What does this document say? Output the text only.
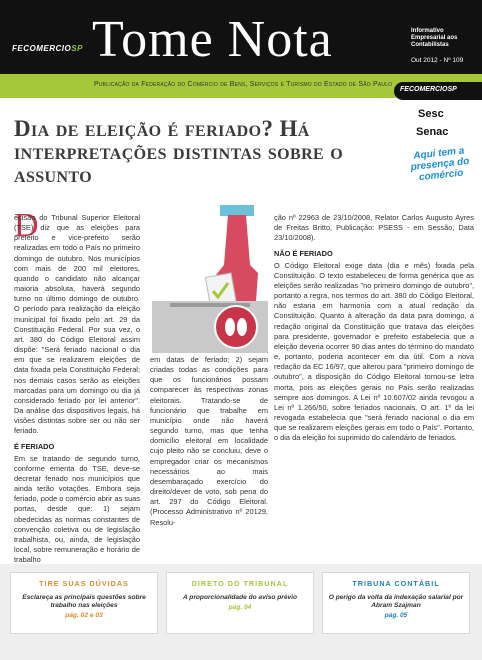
FECOMERCIOSP Tome Nota	Informativo Empresarial aos Contabilistas
Out 2012 - Nº 109
Publicação da Federação do Comércio de Bens, Serviços e Turismo do Estado de São Paulo
FECOMERCIOSP
Sesc
Senac
Aqui tem a presença do comércio
Dia de eleição é feriado? Há interpretações distintas sobre o assunto
D

ecisão do Tribunal Superior Eleitoral (TSE) diz que as eleições para prefeito e vice-prefeito serão realizadas em todo o País no primeiro domingo de outubro. Nos municípios com mais de 200 mil eleitores, quando o candidato não alcançar maioria absoluta, haverá segundo turno no último domingo de outubro. O período para realização da eleição municipal foi fixado pelo art. 29 da Constituição Federal. Por sua vez, o art. 380 do Código Eleitoral assim dispõe: "Será feriado nacional o dia em que se realizarem eleições de data fixada pela Constituição Federal; nos demais casos serão as eleições marcadas para um domingo ou dia já considerado feriado por lei anterior". Da análise dos dispositivos legais, há visões distintas sobre ser ou não ser feriado.

É FERIADO

Em se tratando de segundo turno, conforme ementa do TSE, deve-se decretar feriado nos municípios que ainda terão votações. Embora seja feriado, pode o comércio abrir as suas portas, desde que: 1) sejam obedecidas as normas constantes de convenção coletiva ou de legislação trabalhista, ou, ainda, de legislação local, sobre remuneração e horário de trabalho

em datas de feriado; 2) sejam criadas todas as condições para que os funcionários possam comparecer às respectivas zonas eleitorais. Tratando-se de funcionário que trabalhe em município onde não haverá segundo turno, mas que tenha domicílio eleitoral em localidade cujo pleito não se concluiu, deve o empregador criar os mecanismos necessários ao mais desembaraçado exercício do direito/dever de voto, sob pena do art. 297 do Código Eleitoral. (Processo Administrativo nº 20129, Resolu-

ção nº 22963 de 23/10/2008, Relator Carlos Augusto Ayres de Freitas Britto, Publicação: PSESS - em Sessão, Data 23/10/2008).

NÃO É FERIADO

O Código Eleitoral exige data (dia e mês) fixada pela Constituição. O texto estabeleceu de forma genérica que as eleições serão realizadas "no primeiro domingo de outubro", portanto a regra, nos termos do art. 380 do Código Eleitoral, não estaria em harmonia com a atual redação da Constituição. Quanto à alteração da data para domingo, a redação original da Constituição que tratava das eleições para presidente, governador e prefeito estabelecia que a eleição deveria ocorrer 90 dias antes do término do mandato e, portanto, poderia acontecer em dia útil. Com a nova redação da EC 16/97, que alterou para "primeiro domingo de outubro", a disposição do Código Eleitoral tornou-se letra morta, pois as eleições gerais no País serão realizadas sempre aos domingos. A Lei nº 10.607/02 ainda revogou a Lei nº 1.266/50, sobre feriados nacionais. O art. 1º da lei revogada estabelecia que "será feriado nacional o dia em que se realizarem eleições gerais em todo o País". Portanto, o dia da eleição foi suprimido do calendário de feriados.

TIRE SUAS DÚVIDAS
Esclareça as principais questões sobre trabalho nas eleições
pág. 02 e 03
DIRETO DO TRIBUNAL
A proporcionalidade do aviso prévio
pág. 04
TRIBUNA CONTÁBIL
O perigo da volta da indexação salarial por Abram Szajman
pág. 05
